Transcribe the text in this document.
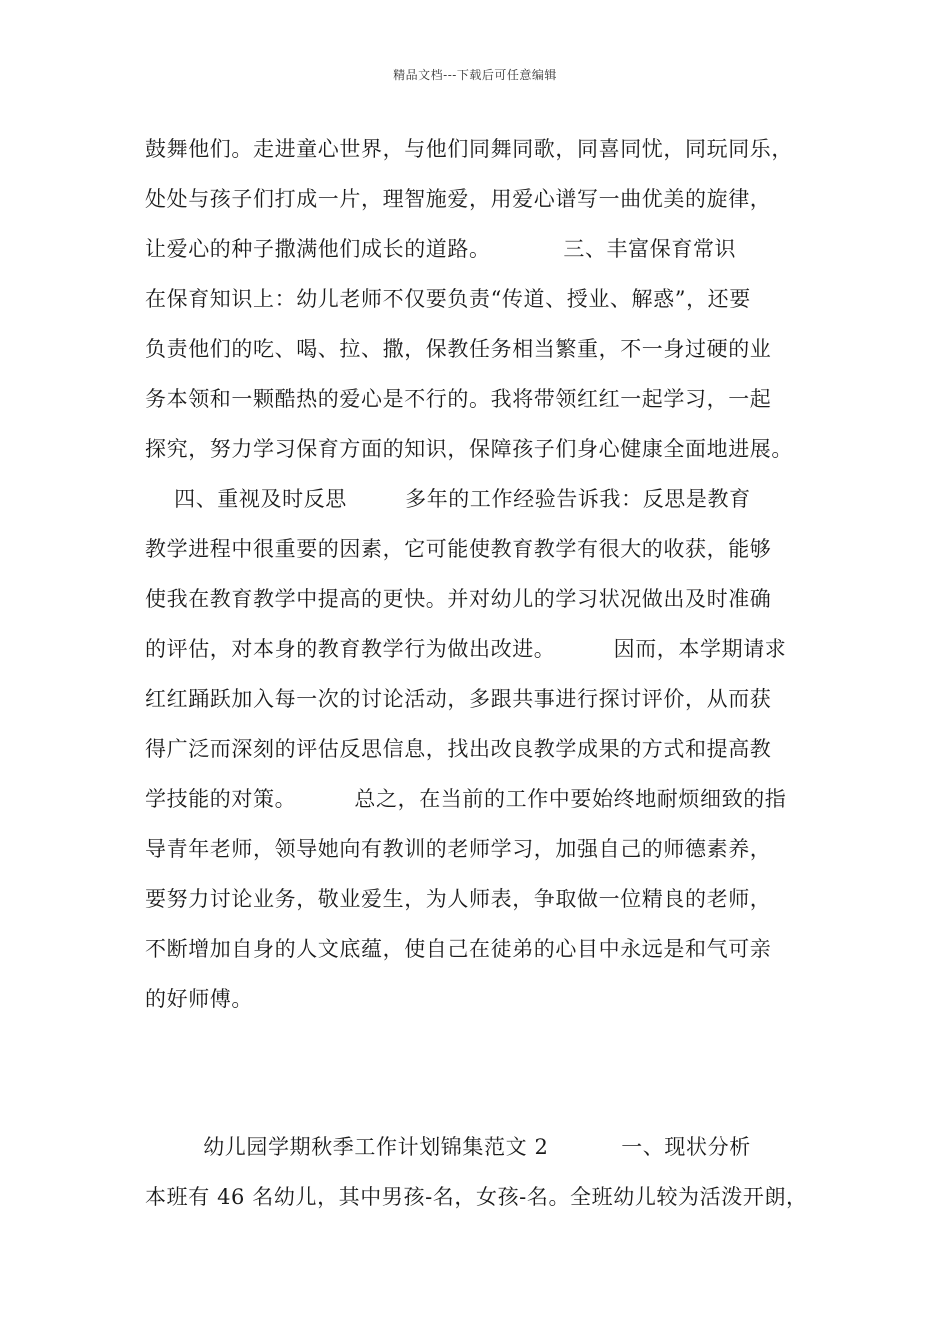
精品文档---下载后可任意编辑
鼓舞他们。走进童心世界，与他们同舞同歌，同喜同忧，同玩同乐，
处处与孩子们打成一片，理智施爱，用爱心谱写一曲优美的旋律，
让爱心的种子撒满他们成长的道路。          三、丰富保育常识
在保育知识上：幼儿老师不仅要负责“传道、授业、解惑”，还要
负责他们的吃、喝、拉、撒，保教任务相当繁重，不一身过硬的业
务本领和一颗酷热的爱心是不行的。我将带领红红一起学习，一起
探究，努力学习保育方面的知识，保障孩子们身心健康全面地进展。
四、重视及时反思        多年的工作经验告诉我：反思是教育
教学进程中很重要的因素，它可能使教育教学有很大的收获，能够
使我在教育教学中提高的更快。并对幼儿的学习状况做出及时准确
的评估，对本身的教育教学行为做出改进。        因而，本学期请求
红红踊跃加入每一次的讨论活动，多跟共事进行探讨评价，从而获
得广泛而深刻的评估反思信息，找出改良教学成果的方式和提高教
学技能的对策。        总之，在当前的工作中要始终地耐烦细致的指
导青年老师，领导她向有教训的老师学习，加强自己的师德素养，
要努力讨论业务，敬业爱生，为人师表，争取做一位精良的老师，
不断增加自身的人文底蕴，使自己在徒弟的心目中永远是和气可亲
的好师傅。
幼儿园学期秋季工作计划锦集范文 2          一、现状分析
本班有 46 名幼儿，其中男孩-名，女孩-名。全班幼儿较为活泼开朗，
